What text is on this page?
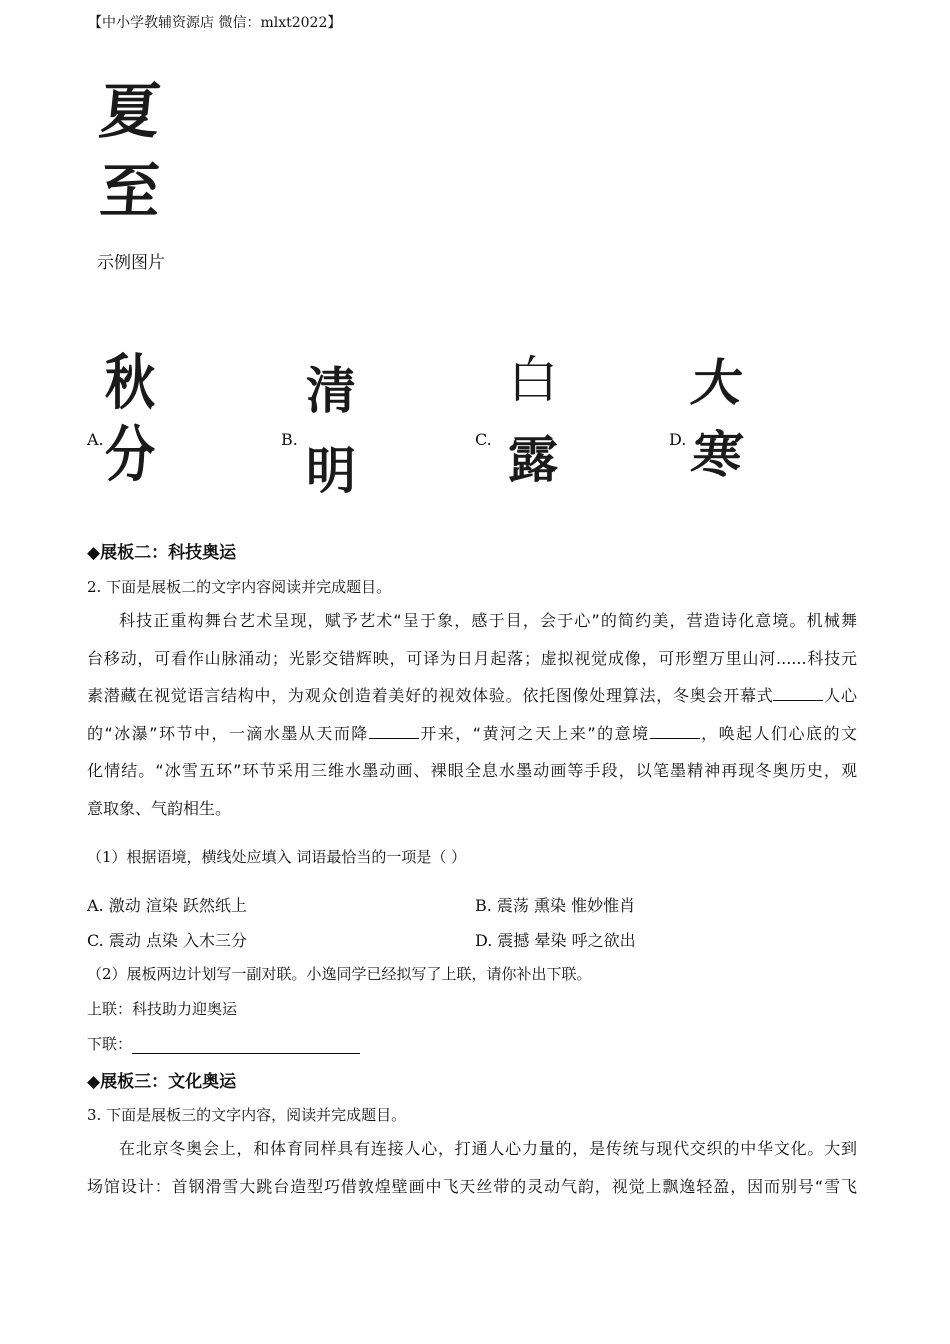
【中小学教辅资源店 微信：mlxt2022】
夏
至
示例图片
A.
秋
分	B.
清
明
C.
白
露	D.
大
寒
◆展板二：科技奥运
2. 下面是展板二的文字内容阅读并完成题目。
科技正重构舞台艺术呈现，赋予艺术“呈于象，感于目，会于心”的简约美，营造诗化意境。机械舞
台移动，可看作山脉涌动；光影交错辉映，可译为日月起落；虚拟视觉成像，可形塑万里山河......科技元
素潜藏在视觉语言结构中，为观众创造着美好的视效体验。依托图像处理算法，冬奥会开幕式	人心
的“冰瀑”环节中，一滴水墨从天而降	开来，“黄河之天上来”的意境	，唤起人们心底的文
化情结。“冰雪五环”环节采用三维水墨动画、裸眼全息水墨动画等手段，以笔墨精神再现冬奥历史，观
意取象、气韵相生。
（1）根据语境，横线处应填入 词语最恰当的一项是（ ）
A. 激动 渲染 跃然纸上	B. 震荡 熏染 惟妙惟肖
C. 震动 点染 入木三分	D. 震撼 晕染 呼之欲出
（2）展板两边计划写一副对联。小逸同学已经拟写了上联，请你补出下联。
上联：科技助力迎奥运
下联：
◆展板三：文化奥运
3. 下面是展板三的文字内容，阅读并完成题目。
在北京冬奥会上，和体育同样具有连接人心，打通人心力量的，是传统与现代交织的中华文化。大到
场馆设计：首钢滑雪大跳台造型巧借敦煌壁画中飞天丝带的灵动气韵，视觉上飘逸轻盈，因而别号“雪飞
